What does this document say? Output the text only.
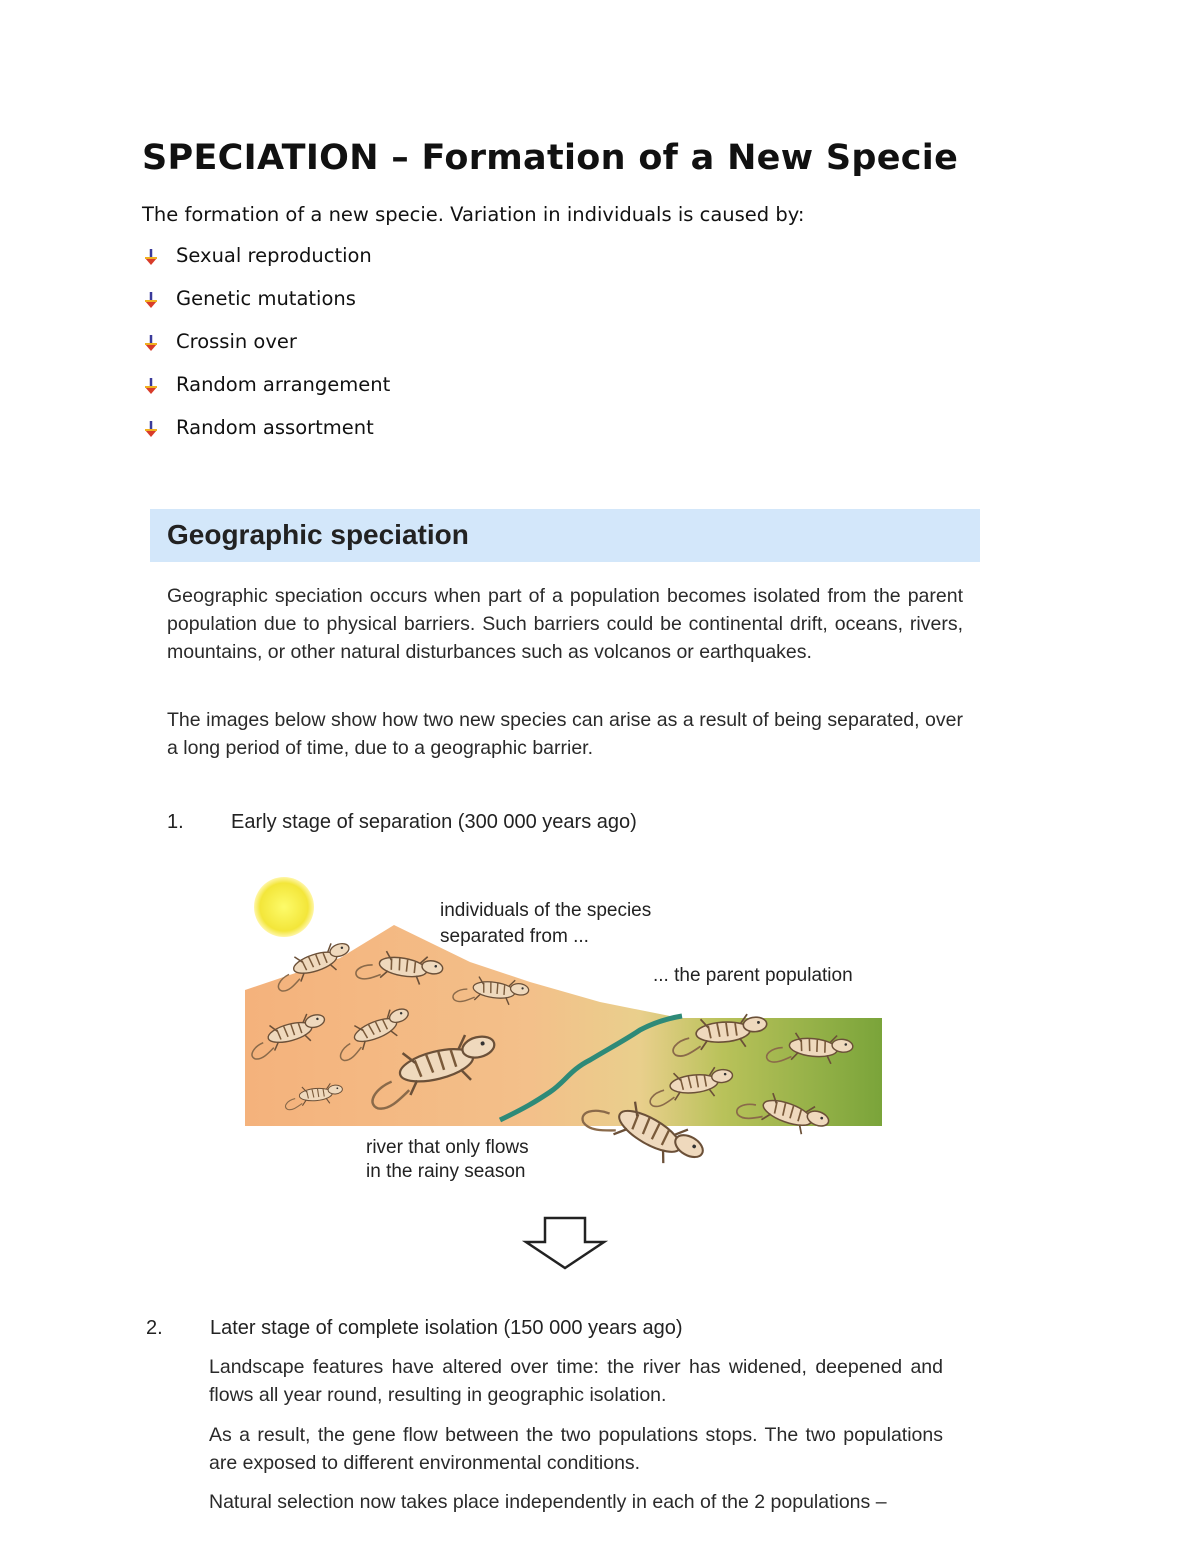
SPECIATION – Formation of a New Specie
The formation of a new specie. Variation in individuals is caused by:
Sexual reproduction
Genetic mutations
Crossin over
Random arrangement
Random assortment
Geographic speciation
Geographic speciation occurs when part of a population becomes isolated from the parent population due to physical barriers. Such barriers could be continental drift, oceans, rivers, mountains, or other natural disturbances such as volcanos or earthquakes.
The images below show how two new species can arise as a result of being separated, over a long period of time, due to a geographic barrier.
1. Early stage of separation (300 000 years ago)
2. Later stage of complete isolation (150 000 years ago)
Landscape features have altered over time: the river has widened, deepened and flows all year round, resulting in geographic isolation.
As a result, the gene flow between the two populations stops. The two populations are exposed to different environmental conditions.
Natural selection now takes place independently in each of the 2 populations –
individuals of the species
separated from ...
... the parent population
river that only flows
in the rainy season
